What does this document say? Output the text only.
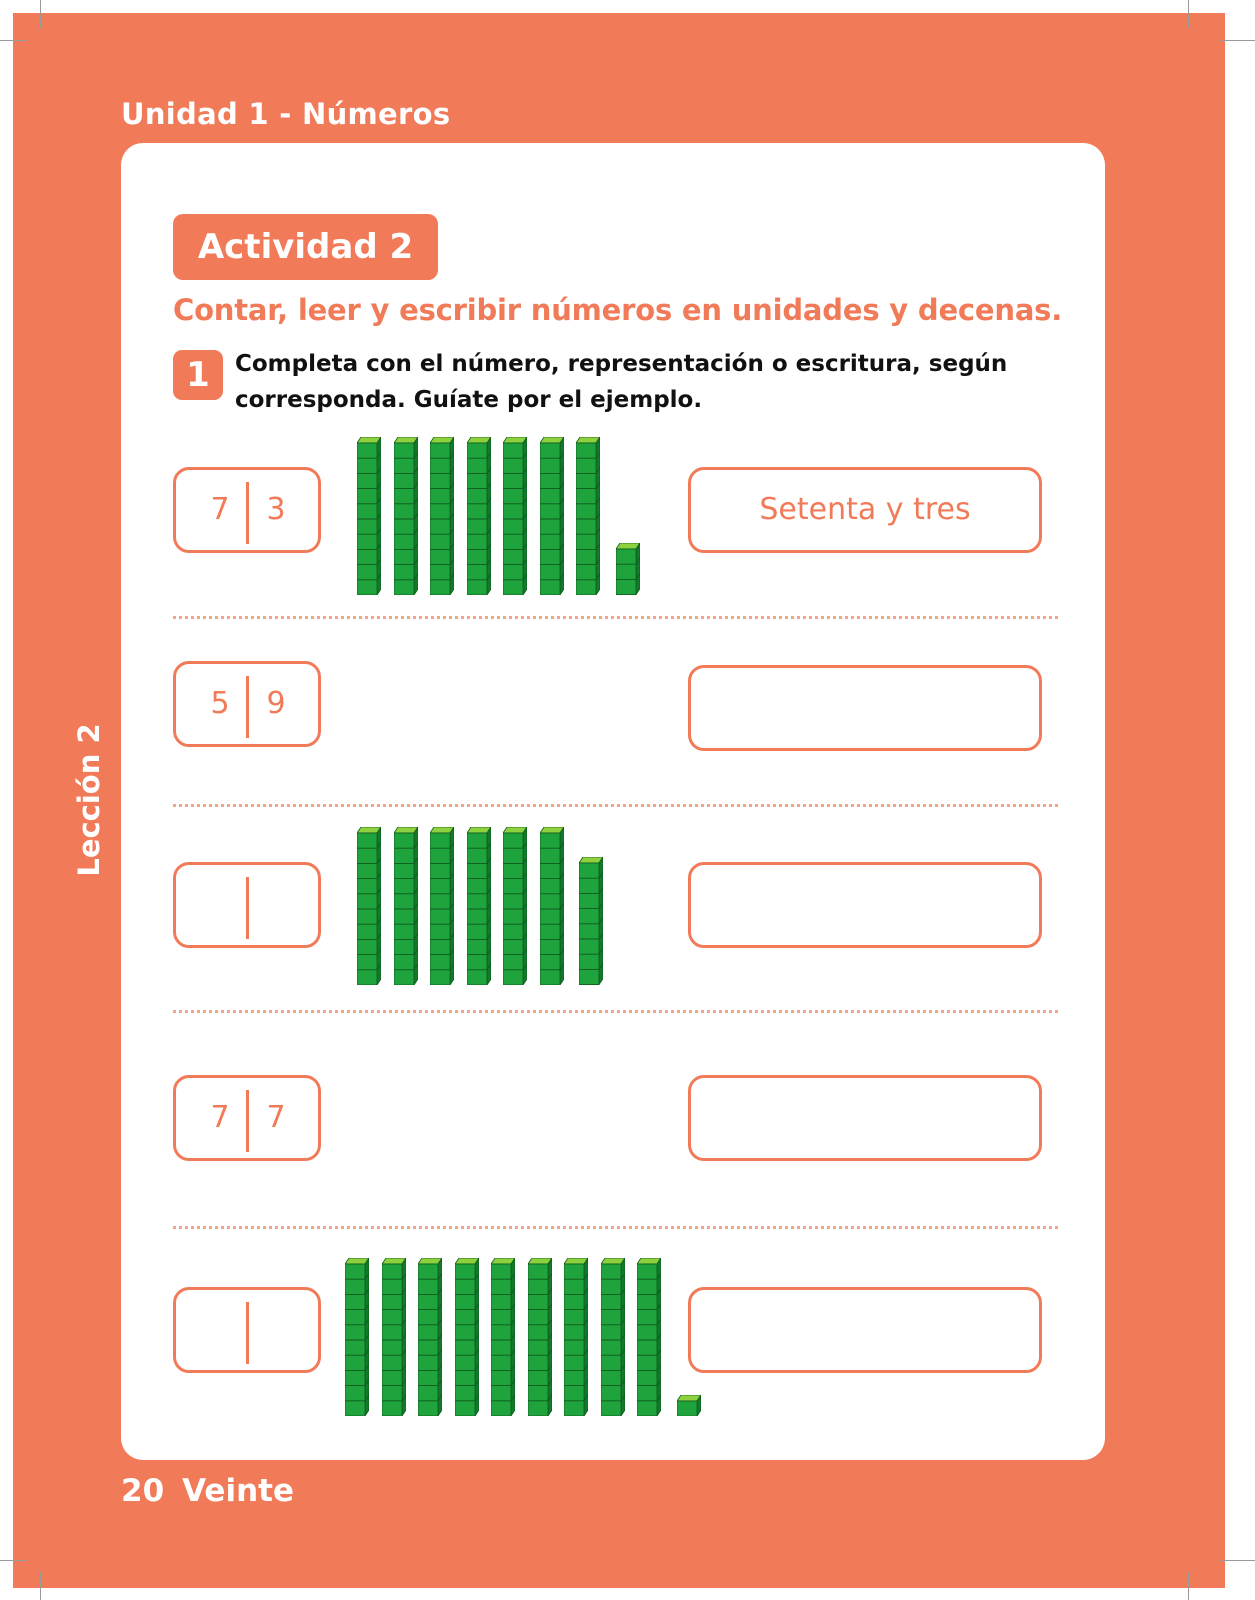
Unidad 1 - Números
Lección 2
Actividad 2
Contar, leer y escribir números en unidades y decenas.
1	Completa con el número, representación o escritura, según corresponda. Guíate por el ejemplo.
7	3	Setenta y tres
5	9
7	7
20 Veinte
